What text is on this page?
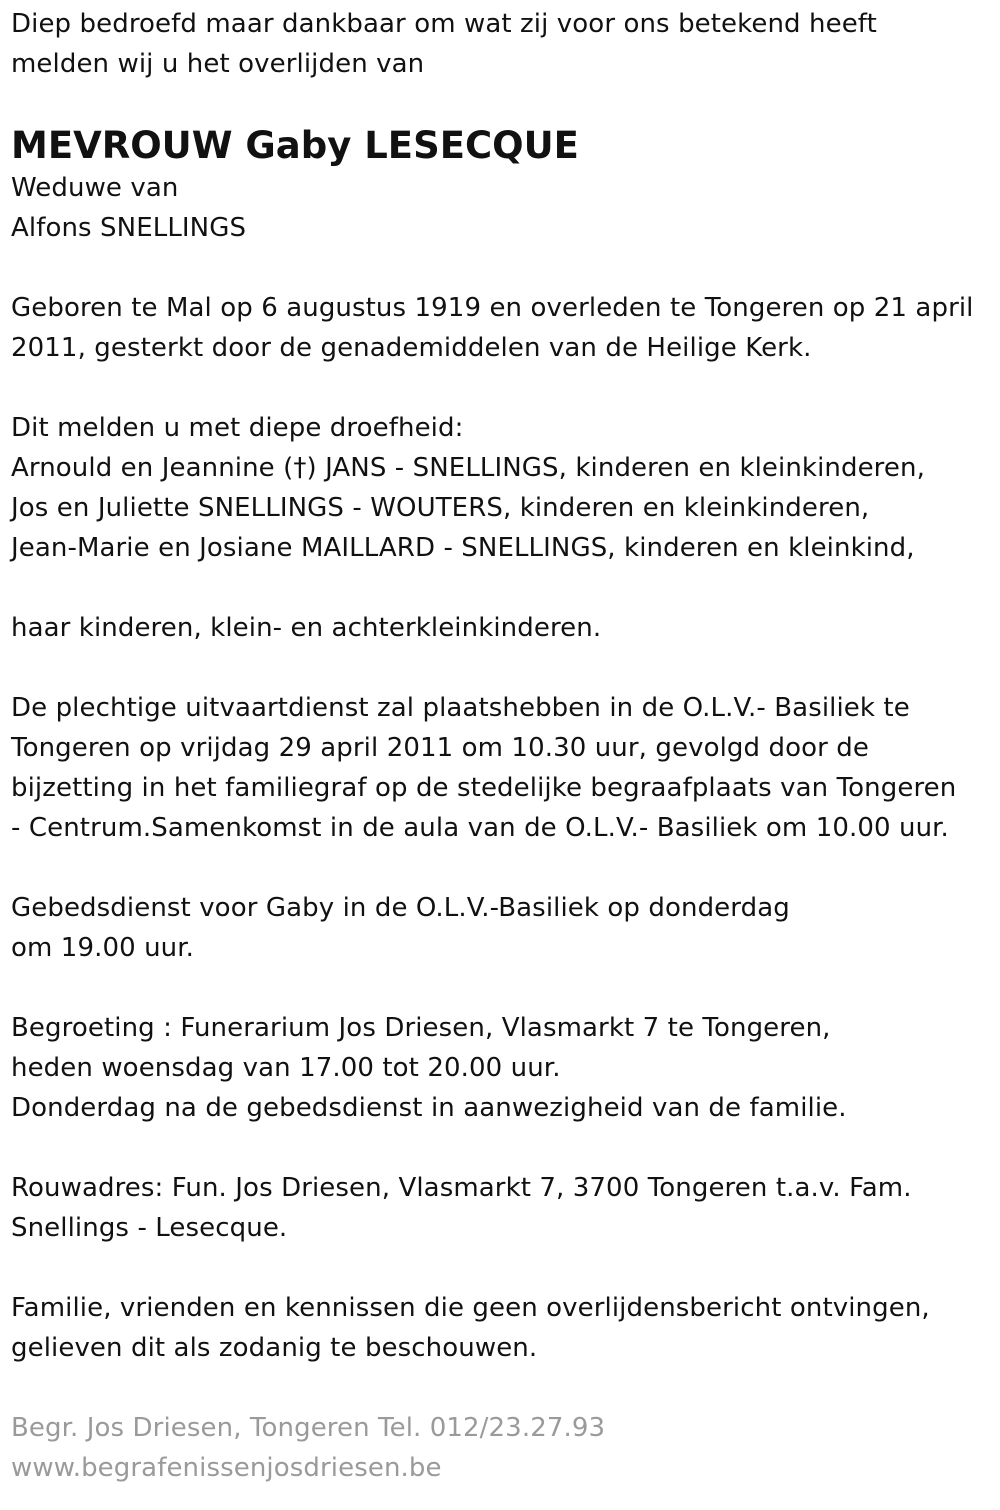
Diep bedroefd maar dankbaar om wat zij voor ons betekend heeft
melden wij u het overlijden van
MEVROUW Gaby LESECQUE
Weduwe van
Alfons SNELLINGS
Geboren te Mal op 6 augustus 1919 en overleden te Tongeren op 21 april
2011, gesterkt door de genademiddelen van de Heilige Kerk.
Dit melden u met diepe droefheid:
Arnould en Jeannine (†) JANS - SNELLINGS, kinderen en kleinkinderen,
Jos en Juliette SNELLINGS - WOUTERS, kinderen en kleinkinderen,
Jean-Marie en Josiane MAILLARD - SNELLINGS, kinderen en kleinkind,
haar kinderen, klein- en achterkleinkinderen.
De plechtige uitvaartdienst zal plaatshebben in de O.L.V.- Basiliek te
Tongeren op vrijdag 29 april 2011 om 10.30 uur, gevolgd door de
bijzetting in het familiegraf op de stedelijke begraafplaats van Tongeren
- Centrum.Samenkomst in de aula van de O.L.V.- Basiliek om 10.00 uur.
Gebedsdienst voor Gaby in de O.L.V.-Basiliek op donderdag
om 19.00 uur.
Begroeting : Funerarium Jos Driesen, Vlasmarkt 7 te Tongeren,
heden woensdag van 17.00 tot 20.00 uur.
Donderdag na de gebedsdienst in aanwezigheid van de familie.
Rouwadres: Fun. Jos Driesen, Vlasmarkt 7, 3700 Tongeren t.a.v. Fam.
Snellings - Lesecque.
Familie, vrienden en kennissen die geen overlijdensbericht ontvingen,
gelieven dit als zodanig te beschouwen.
Begr. Jos Driesen, Tongeren Tel. 012/23.27.93
www.begrafenissenjosdriesen.be
